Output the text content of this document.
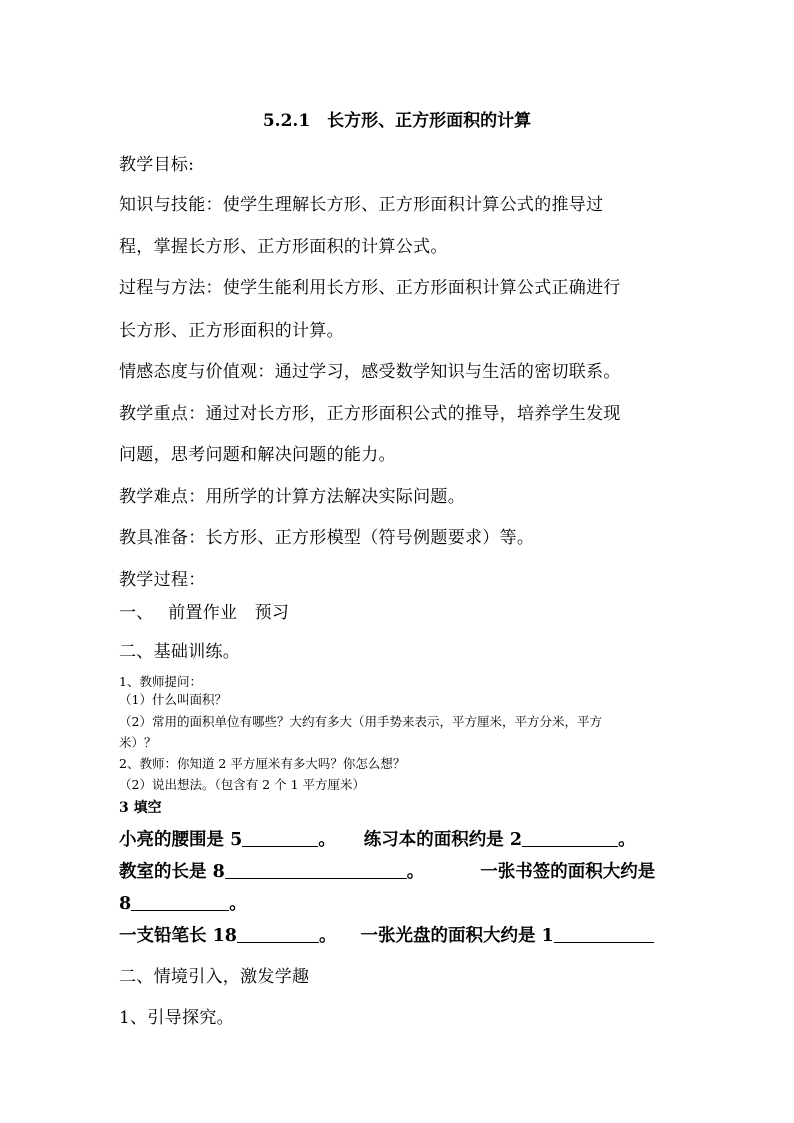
5.2.1　长方形、正方形面积的计算

教学目标:

知识与技能：使学生理解长方形、正方形面积计算公式的推导过

程，掌握长方形、正方形面积的计算公式。

过程与方法：使学生能利用长方形、正方形面积计算公式正确进行

长方形、正方形面积的计算。

情感态度与价值观：通过学习，感受数学知识与生活的密切联系。

教学重点：通过对长方形，正方形面积公式的推导，培养学生发现

问题，思考问题和解决问题的能力。

教学难点：用所学的计算方法解决实际问题。

教具准备：长方形、正方形模型（符号例题要求）等。

教学过程：

一、　 前置作业　预习

二、基础训练。

1、教师提问：

（1）什么叫面积？

（2）常用的面积单位有哪些？大约有多大（用手势来表示，平方厘米，平方分米，平方

米）？

2、教师：你知道 2 平方厘米有多大吗？你怎么想？

（2）说出想法。（包含有 2 个 1 平方厘米）

3 填空

小亮的腰围是 5	。 练习本的面积约是 2	。
教室的长是 8	。	一张书签的面积大约是
8	。
一支铅笔长 18	。 一张光盘的面积大约是 1

二、情境引入，激发学趣

1、引导探究。
